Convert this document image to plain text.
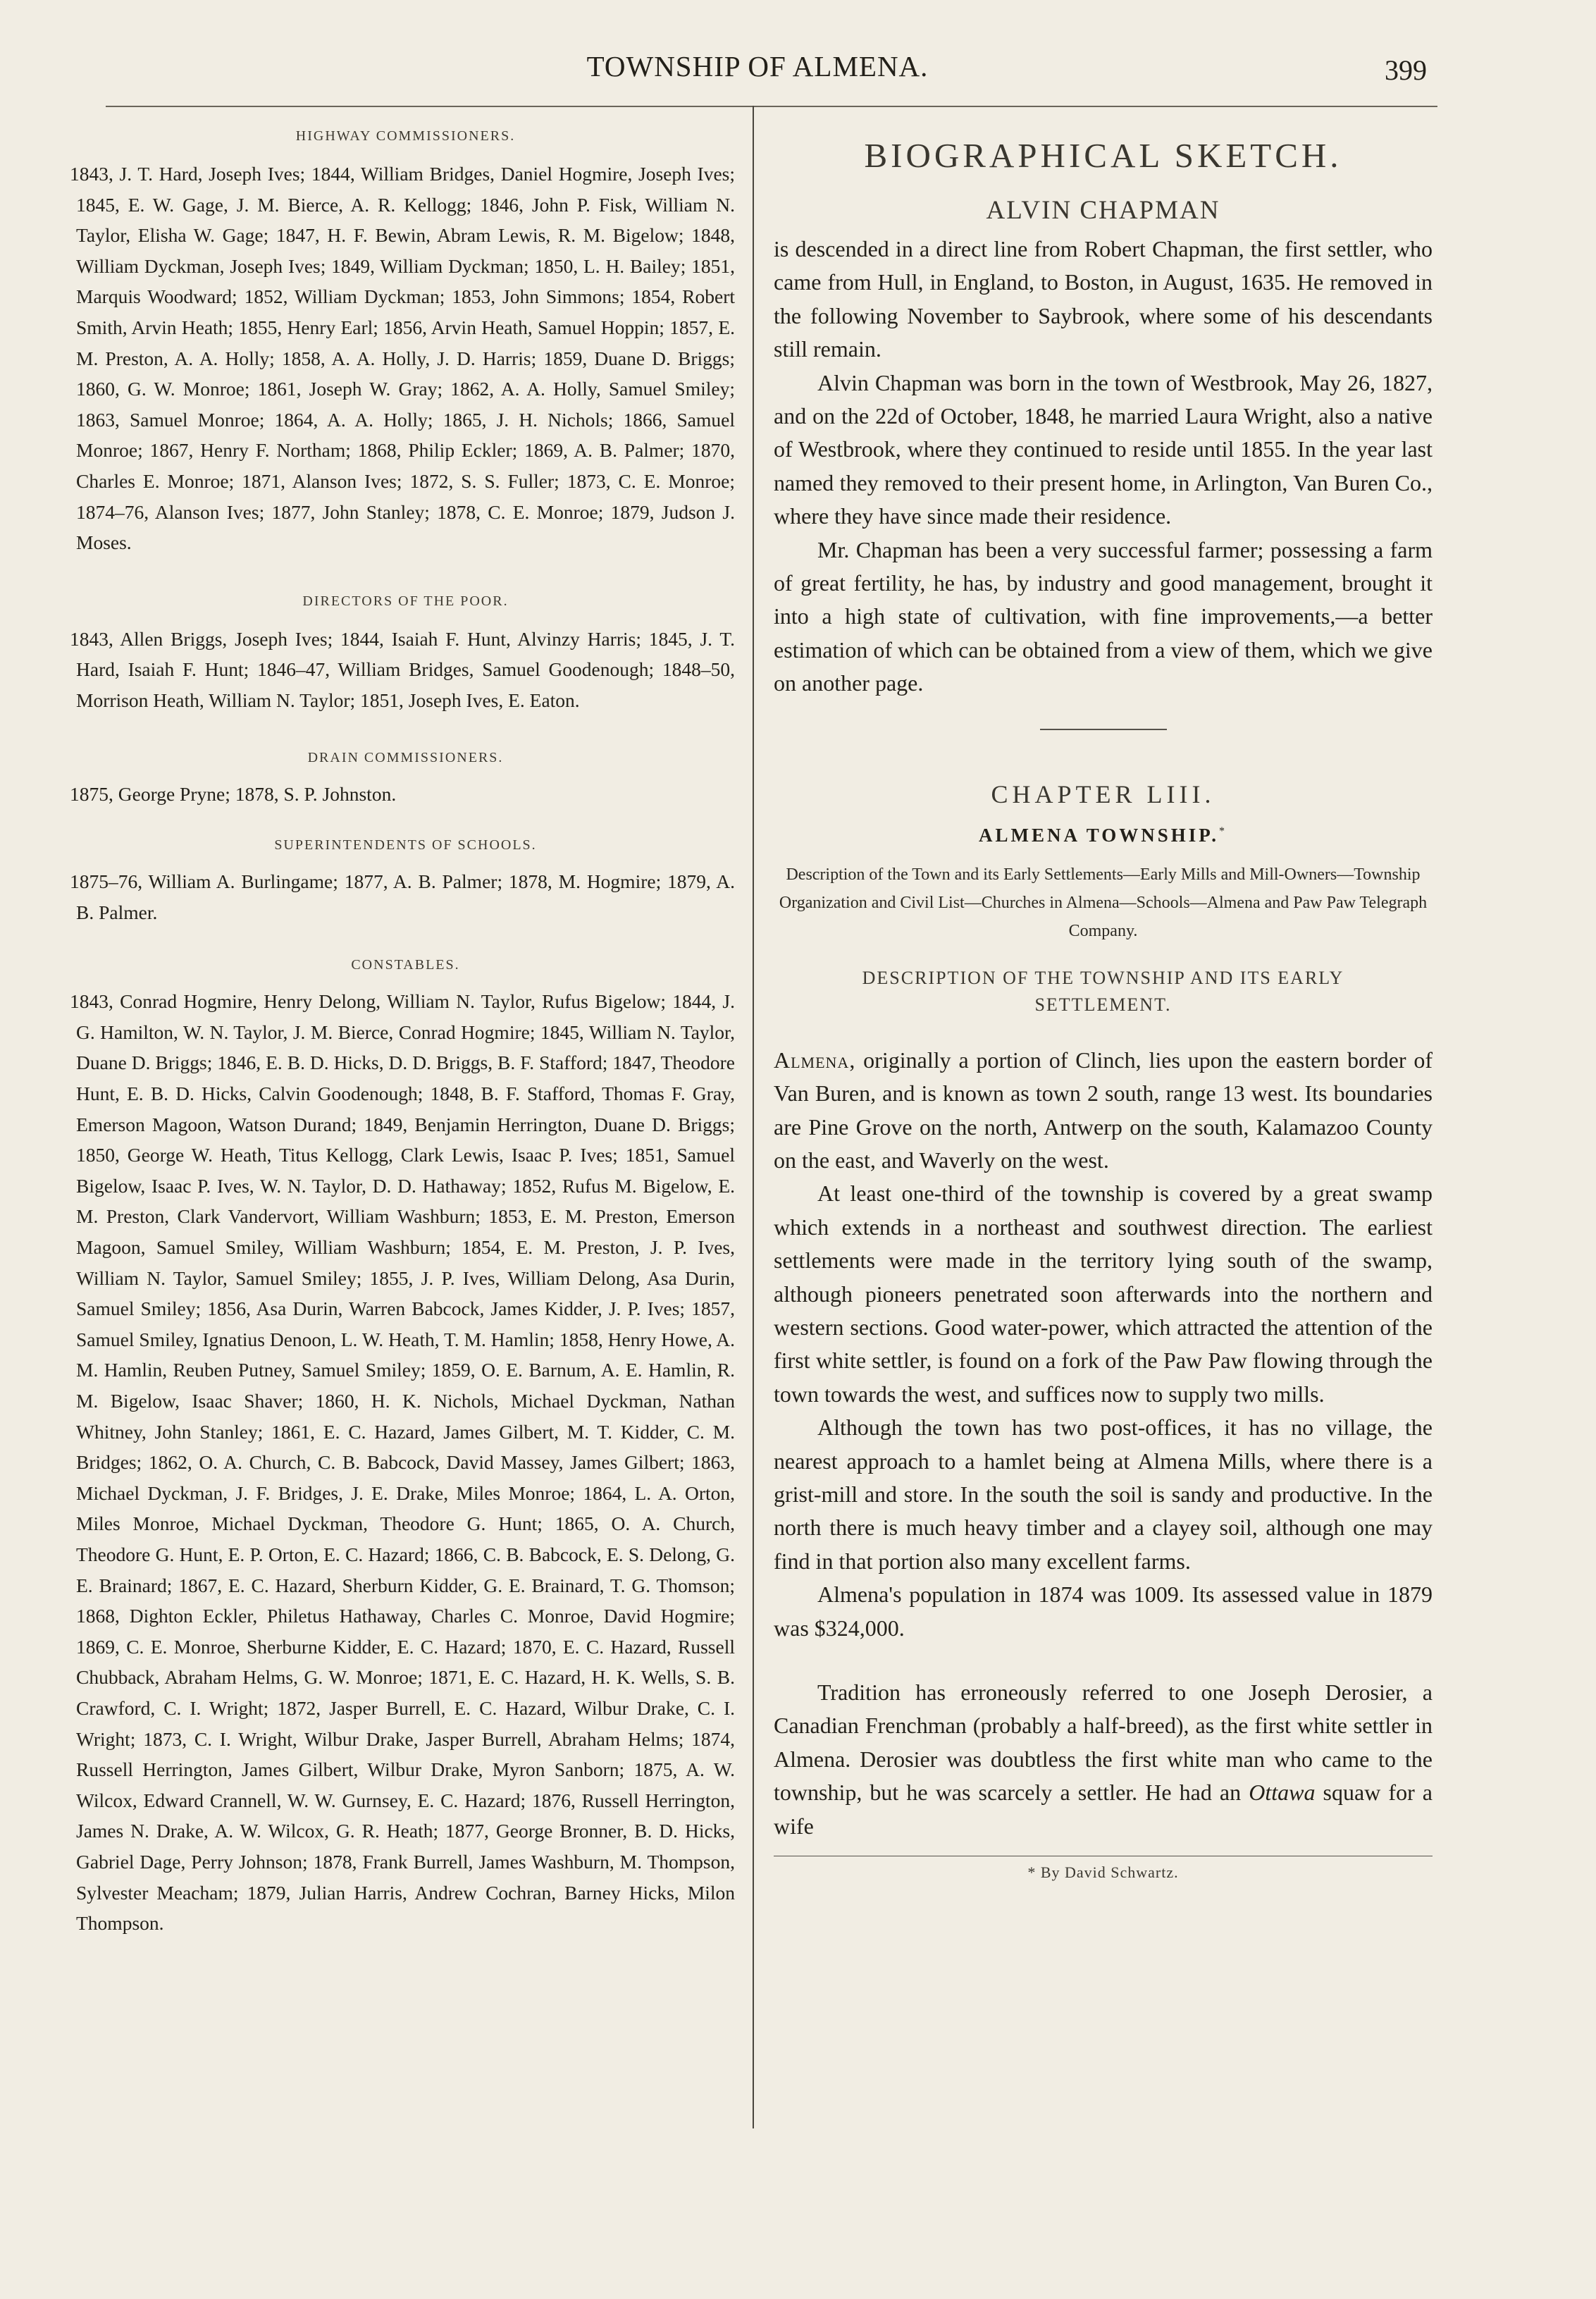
TOWNSHIP OF ALMENA.	399
HIGHWAY COMMISSIONERS.

1843, J. T. Hard, Joseph Ives; 1844, William Bridges, Daniel Hogmire, Joseph Ives; 1845, E. W. Gage, J. M. Bierce, A. R. Kellogg; 1846, John P. Fisk, William N. Taylor, Elisha W. Gage; 1847, H. F. Bewin, Abram Lewis, R. M. Bigelow; 1848, William Dyckman, Joseph Ives; 1849, William Dyckman; 1850, L. H. Bailey; 1851, Marquis Woodward; 1852, William Dyckman; 1853, John Simmons; 1854, Robert Smith, Arvin Heath; 1855, Henry Earl; 1856, Arvin Heath, Samuel Hoppin; 1857, E. M. Preston, A. A. Holly; 1858, A. A. Holly, J. D. Harris; 1859, Duane D. Briggs; 1860, G. W. Monroe; 1861, Joseph W. Gray; 1862, A. A. Holly, Samuel Smiley; 1863, Samuel Monroe; 1864, A. A. Holly; 1865, J. H. Nichols; 1866, Samuel Monroe; 1867, Henry F. Northam; 1868, Philip Eckler; 1869, A. B. Palmer; 1870, Charles E. Monroe; 1871, Alanson Ives; 1872, S. S. Fuller; 1873, C. E. Monroe; 1874–76, Alanson Ives; 1877, John Stanley; 1878, C. E. Monroe; 1879, Judson J. Moses.

DIRECTORS OF THE POOR.

1843, Allen Briggs, Joseph Ives; 1844, Isaiah F. Hunt, Alvinzy Harris; 1845, J. T. Hard, Isaiah F. Hunt; 1846–47, William Bridges, Samuel Goodenough; 1848–50, Morrison Heath, William N. Taylor; 1851, Joseph Ives, E. Eaton.

DRAIN COMMISSIONERS.

1875, George Pryne; 1878, S. P. Johnston.

SUPERINTENDENTS OF SCHOOLS.

1875–76, William A. Burlingame; 1877, A. B. Palmer; 1878, M. Hogmire; 1879, A. B. Palmer.

CONSTABLES.

1843, Conrad Hogmire, Henry Delong, William N. Taylor, Rufus Bigelow; 1844, J. G. Hamilton, W. N. Taylor, J. M. Bierce, Conrad Hogmire; 1845, William N. Taylor, Duane D. Briggs; 1846, E. B. D. Hicks, D. D. Briggs, B. F. Stafford; 1847, Theodore Hunt, E. B. D. Hicks, Calvin Goodenough; 1848, B. F. Stafford, Thomas F. Gray, Emerson Magoon, Watson Durand; 1849, Benjamin Herrington, Duane D. Briggs; 1850, George W. Heath, Titus Kellogg, Clark Lewis, Isaac P. Ives; 1851, Samuel Bigelow, Isaac P. Ives, W. N. Taylor, D. D. Hathaway; 1852, Rufus M. Bigelow, E. M. Preston, Clark Vandervort, William Washburn; 1853, E. M. Preston, Emerson Magoon, Samuel Smiley, William Washburn; 1854, E. M. Preston, J. P. Ives, William N. Taylor, Samuel Smiley; 1855, J. P. Ives, William Delong, Asa Durin, Samuel Smiley; 1856, Asa Durin, Warren Babcock, James Kidder, J. P. Ives; 1857, Samuel Smiley, Ignatius Denoon, L. W. Heath, T. M. Hamlin; 1858, Henry Howe, A. M. Hamlin, Reuben Putney, Samuel Smiley; 1859, O. E. Barnum, A. E. Hamlin, R. M. Bigelow, Isaac Shaver; 1860, H. K. Nichols, Michael Dyckman, Nathan Whitney, John Stanley; 1861, E. C. Hazard, James Gilbert, M. T. Kidder, C. M. Bridges; 1862, O. A. Church, C. B. Babcock, David Massey, James Gilbert; 1863, Michael Dyckman, J. F. Bridges, J. E. Drake, Miles Monroe; 1864, L. A. Orton, Miles Monroe, Michael Dyckman, Theodore G. Hunt; 1865, O. A. Church, Theodore G. Hunt, E. P. Orton, E. C. Hazard; 1866, C. B. Babcock, E. S. Delong, G. E. Brainard; 1867, E. C. Hazard, Sherburn Kidder, G. E. Brainard, T. G. Thomson; 1868, Dighton Eckler, Philetus Hathaway, Charles C. Monroe, David Hogmire; 1869, C. E. Monroe, Sherburne Kidder, E. C. Hazard; 1870, E. C. Hazard, Russell Chubback, Abraham Helms, G. W. Monroe; 1871, E. C. Hazard, H. K. Wells, S. B. Crawford, C. I. Wright; 1872, Jasper Burrell, E. C. Hazard, Wilbur Drake, C. I. Wright; 1873, C. I. Wright, Wilbur Drake, Jasper Burrell, Abraham Helms; 1874, Russell Herrington, James Gilbert, Wilbur Drake, Myron Sanborn; 1875, A. W. Wilcox, Edward Crannell, W. W. Gurnsey, E. C. Hazard; 1876, Russell Herrington, James N. Drake, A. W. Wilcox, G. R. Heath; 1877, George Bronner, B. D. Hicks, Gabriel Dage, Perry Johnson; 1878, Frank Burrell, James Washburn, M. Thompson, Sylvester Meacham; 1879, Julian Harris, Andrew Cochran, Barney Hicks, Milon Thompson.

BIOGRAPHICAL SKETCH.
ALVIN CHAPMAN

is descended in a direct line from Robert Chapman, the first settler, who came from Hull, in England, to Boston, in August, 1635. He removed in the following November to Saybrook, where some of his descendants still remain.

Alvin Chapman was born in the town of Westbrook, May 26, 1827, and on the 22d of October, 1848, he married Laura Wright, also a native of Westbrook, where they continued to reside until 1855. In the year last named they removed to their present home, in Arlington, Van Buren Co., where they have since made their residence.

Mr. Chapman has been a very successful farmer; possessing a farm of great fertility, he has, by industry and good management, brought it into a high state of cultivation, with fine improvements,—a better estimation of which can be obtained from a view of them, which we give on another page.

CHAPTER LIII.
ALMENA TOWNSHIP.*

Description of the Town and its Early Settlements—Early Mills and Mill-Owners—Township Organization and Civil List—Churches in Almena—Schools—Almena and Paw Paw Telegraph Company.

DESCRIPTION OF THE TOWNSHIP AND ITS EARLY SETTLEMENT.

Almena, originally a portion of Clinch, lies upon the eastern border of Van Buren, and is known as town 2 south, range 13 west. Its boundaries are Pine Grove on the north, Antwerp on the south, Kalamazoo County on the east, and Waverly on the west.

At least one-third of the township is covered by a great swamp which extends in a northeast and southwest direction. The earliest settlements were made in the territory lying south of the swamp, although pioneers penetrated soon afterwards into the northern and western sections. Good water-power, which attracted the attention of the first white settler, is found on a fork of the Paw Paw flowing through the town towards the west, and suffices now to supply two mills.

Although the town has two post-offices, it has no village, the nearest approach to a hamlet being at Almena Mills, where there is a grist-mill and store. In the south the soil is sandy and productive. In the north there is much heavy timber and a clayey soil, although one may find in that portion also many excellent farms.

Almena's population in 1874 was 1009. Its assessed value in 1879 was $324,000.

Tradition has erroneously referred to one Joseph Derosier, a Canadian Frenchman (probably a half-breed), as the first white settler in Almena. Derosier was doubtless the first white man who came to the township, but he was scarcely a settler. He had an Ottawa squaw for a wife

* By David Schwartz.
